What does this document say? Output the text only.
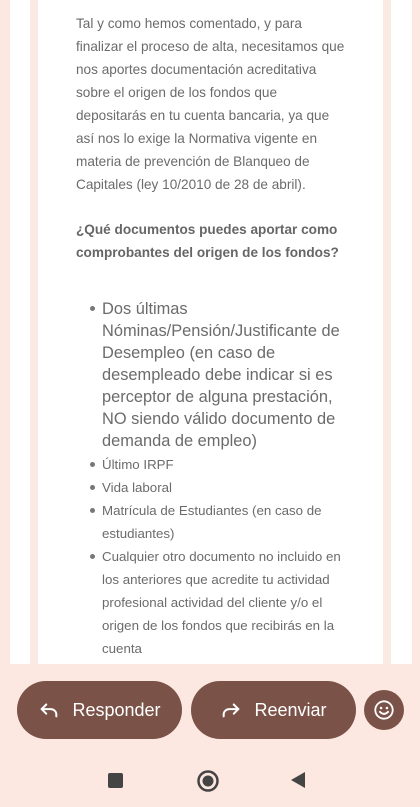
Tal y como hemos comentado, y para finalizar el proceso de alta, necesitamos que nos aportes documentación acreditativa sobre el origen de los fondos que depositarás en tu cuenta bancaria, ya que así nos lo exige la Normativa vigente en materia de prevención de Blanqueo de Capitales (ley 10/2010 de 28 de abril).

¿Qué documentos puedes aportar como comprobantes del origen de los fondos?

Dos últimas Nóminas/Pensión/Justificante de Desempleo (en caso de desempleado debe indicar si es perceptor de alguna prestación, NO siendo válido documento de demanda de empleo)
Último IRPF
Vida laboral
Matrícula de Estudiantes (en caso de estudiantes)
Cualquier otro documento no incluido en los anteriores que acredite tu actividad profesional actividad del cliente y/o el origen de los fondos que recibirás en la cuenta
Responder	Reenviar
